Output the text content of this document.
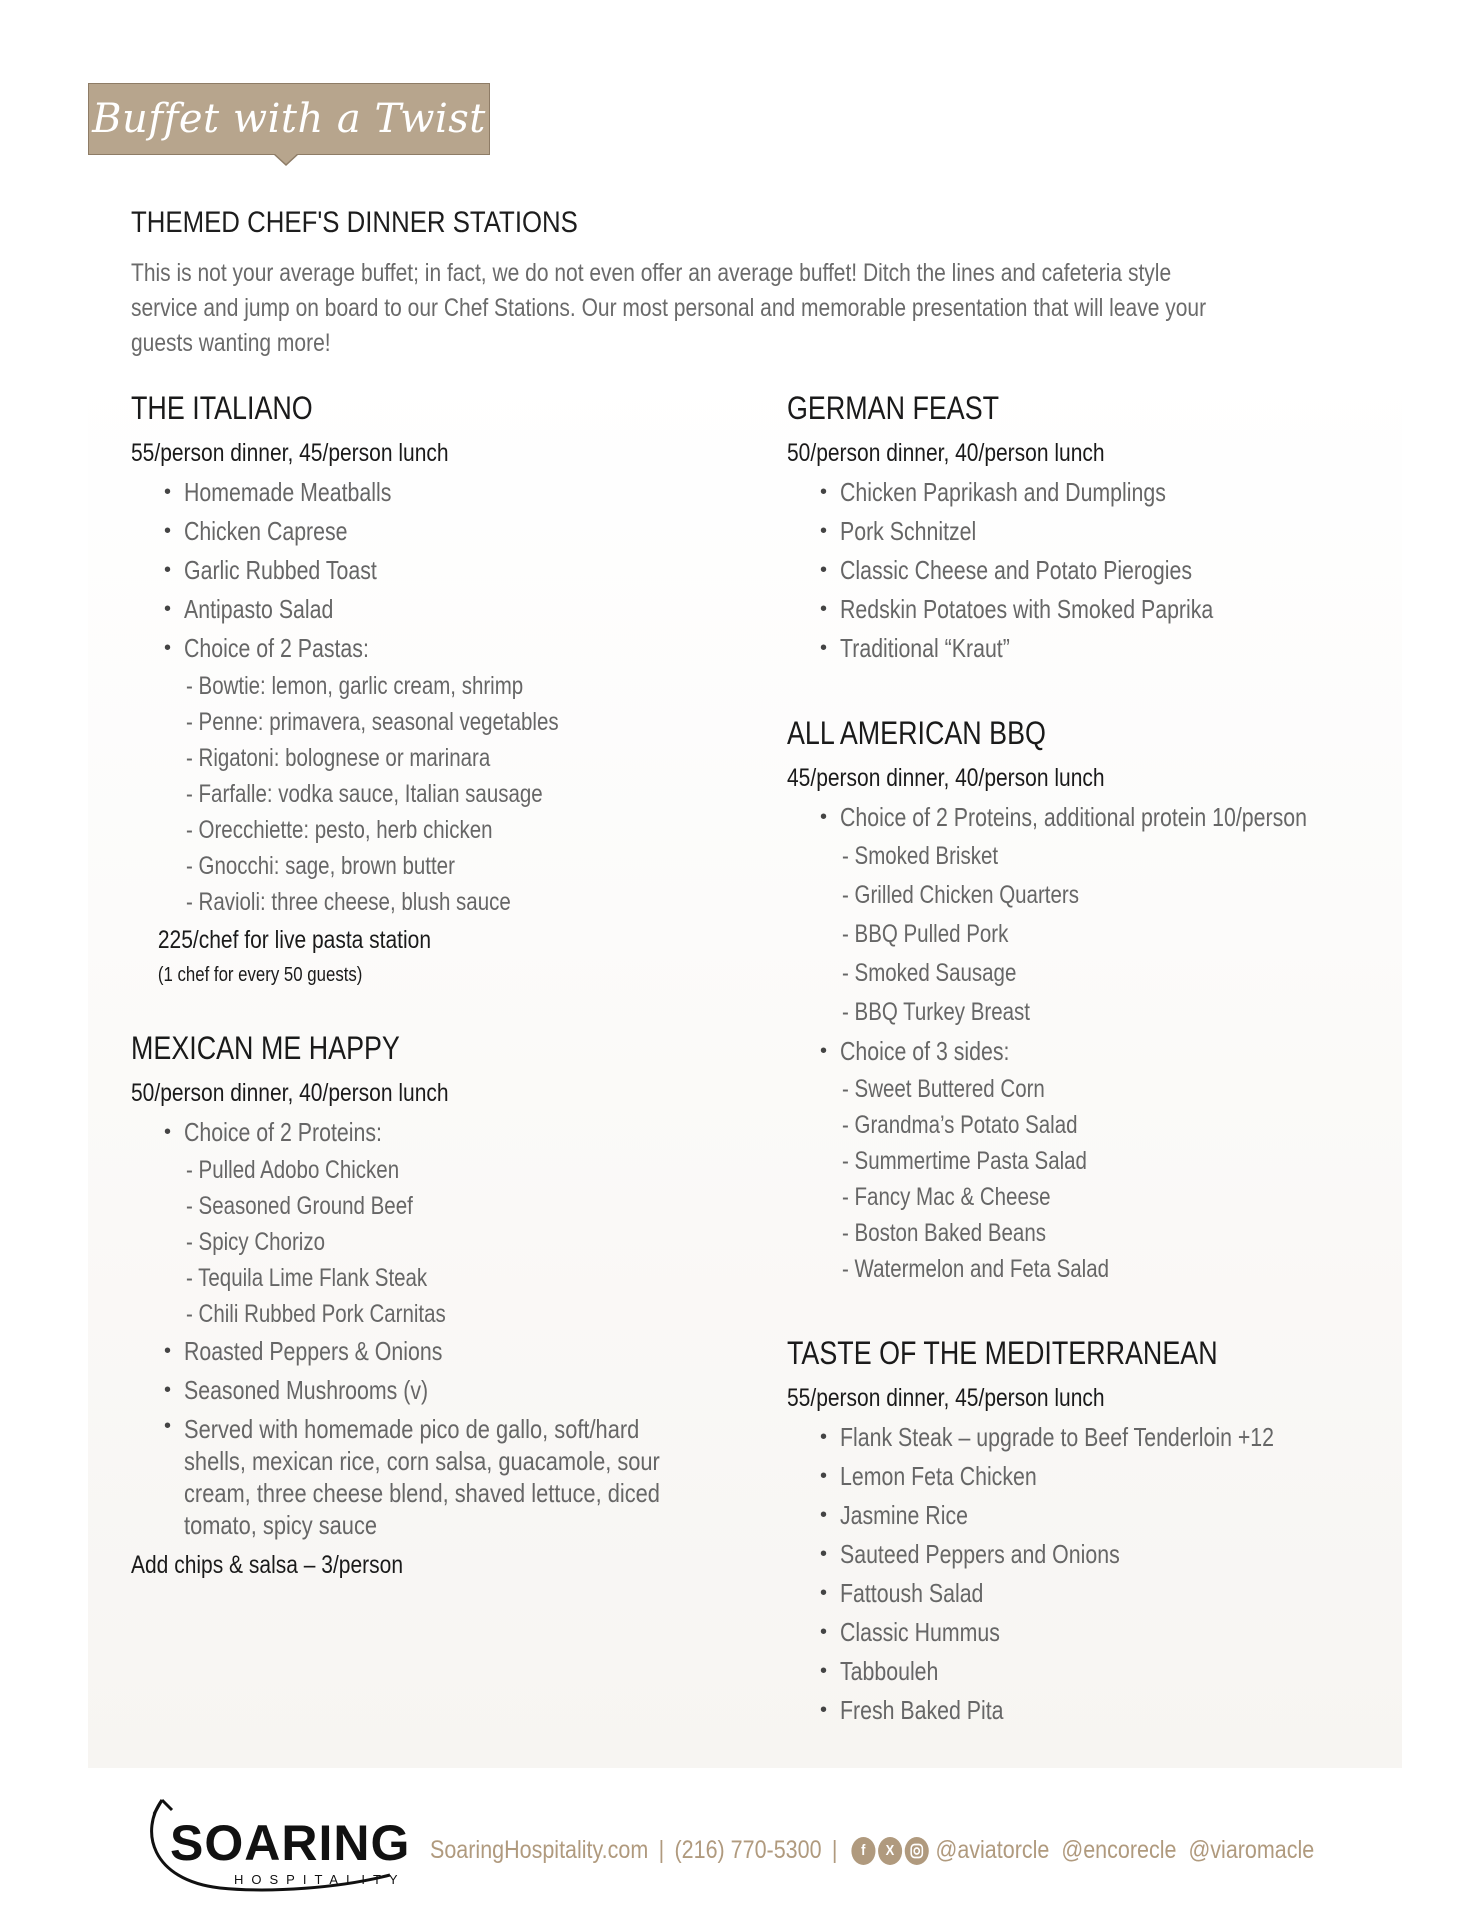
Buffet with a Twist
THEMED CHEF'S DINNER STATIONS
This is not your average buffet; in fact, we do not even offer an average buffet! Ditch the lines and cafeteria style service and jump on board to our Chef Stations. Our most personal and memorable presentation that will leave your guests wanting more!
THE ITALIANO
55/person dinner, 45/person lunch
• Homemade Meatballs
• Chicken Caprese
• Garlic Rubbed Toast
• Antipasto Salad
• Choice of 2 Pastas:
- Bowtie: lemon, garlic cream, shrimp
- Penne: primavera, seasonal vegetables
- Rigatoni: bolognese or marinara
- Farfalle: vodka sauce, Italian sausage
- Orecchiette: pesto, herb chicken
- Gnocchi: sage, brown butter
- Ravioli: three cheese, blush sauce
225/chef for live pasta station
(1 chef for every 50 guests)
MEXICAN ME HAPPY
50/person dinner, 40/person lunch
• Choice of 2 Proteins:
- Pulled Adobo Chicken
- Seasoned Ground Beef
- Spicy Chorizo
- Tequila Lime Flank Steak
- Chili Rubbed Pork Carnitas
• Roasted Peppers & Onions
• Seasoned Mushrooms (v)
• Served with homemade pico de gallo, soft/hard shells, mexican rice, corn salsa, guacamole, sour cream, three cheese blend, shaved lettuce, diced tomato, spicy sauce
Add chips & salsa – 3/person
GERMAN FEAST
50/person dinner, 40/person lunch
• Chicken Paprikash and Dumplings
• Pork Schnitzel
• Classic Cheese and Potato Pierogies
• Redskin Potatoes with Smoked Paprika
• Traditional “Kraut”
ALL AMERICAN BBQ
45/person dinner, 40/person lunch
• Choice of 2 Proteins, additional protein 10/person
- Smoked Brisket
- Grilled Chicken Quarters
- BBQ Pulled Pork
- Smoked Sausage
- BBQ Turkey Breast
• Choice of 3 sides:
- Sweet Buttered Corn
- Grandma’s Potato Salad
- Summertime Pasta Salad
- Fancy Mac & Cheese
- Boston Baked Beans
- Watermelon and Feta Salad
TASTE OF THE MEDITERRANEAN
55/person dinner, 45/person lunch
• Flank Steak – upgrade to Beef Tenderloin +12
• Lemon Feta Chicken
• Jasmine Rice
• Sauteed Peppers and Onions
• Fattoush Salad
• Classic Hummus
• Tabbouleh
• Fresh Baked Pita
SOARING
HOSPITALITY
SoaringHospitality.com | (216) 770-5300 |	f	X	@aviatorcle @encorecle @viaromacle
